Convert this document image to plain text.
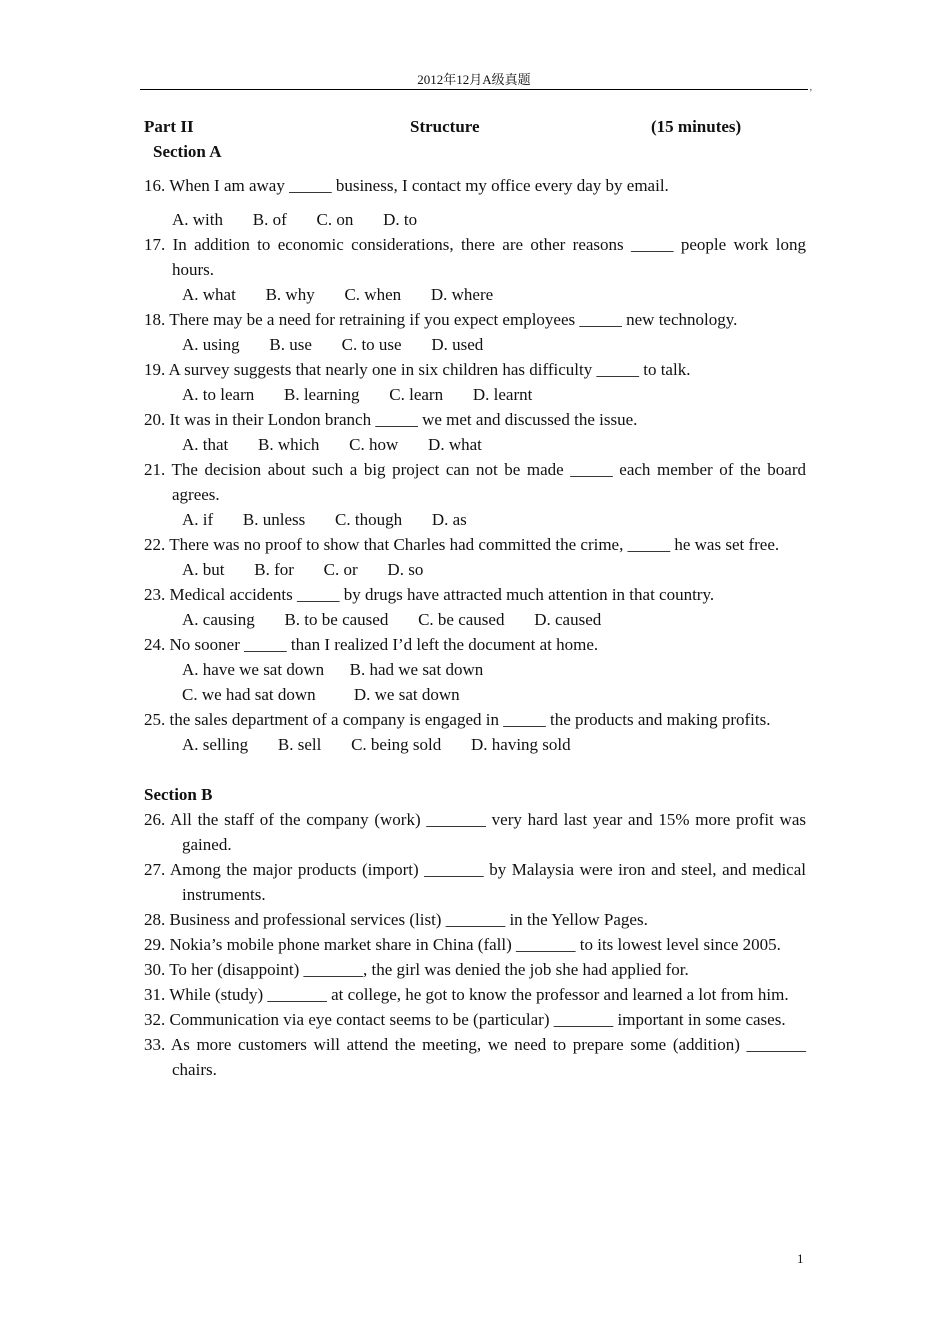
2012年12月A级真题	,
Part II	Structure	(15 minutes)
Section A
16. When I am away _____ business, I contact my office every day by email.
A. with B. of C. on D. to
17. In addition to economic considerations, there are other reasons _____ people work long hours.
A. what B. why C. when D. where
18. There may be a need for retraining if you expect employees _____ new technology.
A. using B. use C. to use D. used
19. A survey suggests that nearly one in six children has difficulty _____ to talk.
A. to learn B. learning C. learn D. learnt
20. It was in their London branch _____ we met and discussed the issue.
A. that B. which C. how D. what
21. The decision about such a big project can not be made _____ each member of the board agrees.
A. if B. unless C. though D. as
22. There was no proof to show that Charles had committed the crime, _____ he was set free.
A. but B. for C. or D. so
23. Medical accidents _____ by drugs have attracted much attention in that country.
A. causing B. to be caused C. be caused D. caused
24. No sooner _____ than I realized I’d left the document at home.
A. have we sat down B. had we sat down
C. we had sat down D. we sat down
25. the sales department of a company is engaged in _____ the products and making profits.
A. selling B. sell C. being sold D. having sold
Section B
26. All the staff of the company (work) _______ very hard last year and 15% more profit was gained.
27. Among the major products (import) _______ by Malaysia were iron and steel, and medical instruments.
28. Business and professional services (list) _______ in the Yellow Pages.
29. Nokia’s mobile phone market share in China (fall) _______ to its lowest level since 2005.
30. To her (disappoint) _______, the girl was denied the job she had applied for.
31. While (study) _______ at college, he got to know the professor and learned a lot from him.
32. Communication via eye contact seems to be (particular) _______ important in some cases.
33. As more customers will attend the meeting, we need to prepare some (addition) _______ chairs.
1
